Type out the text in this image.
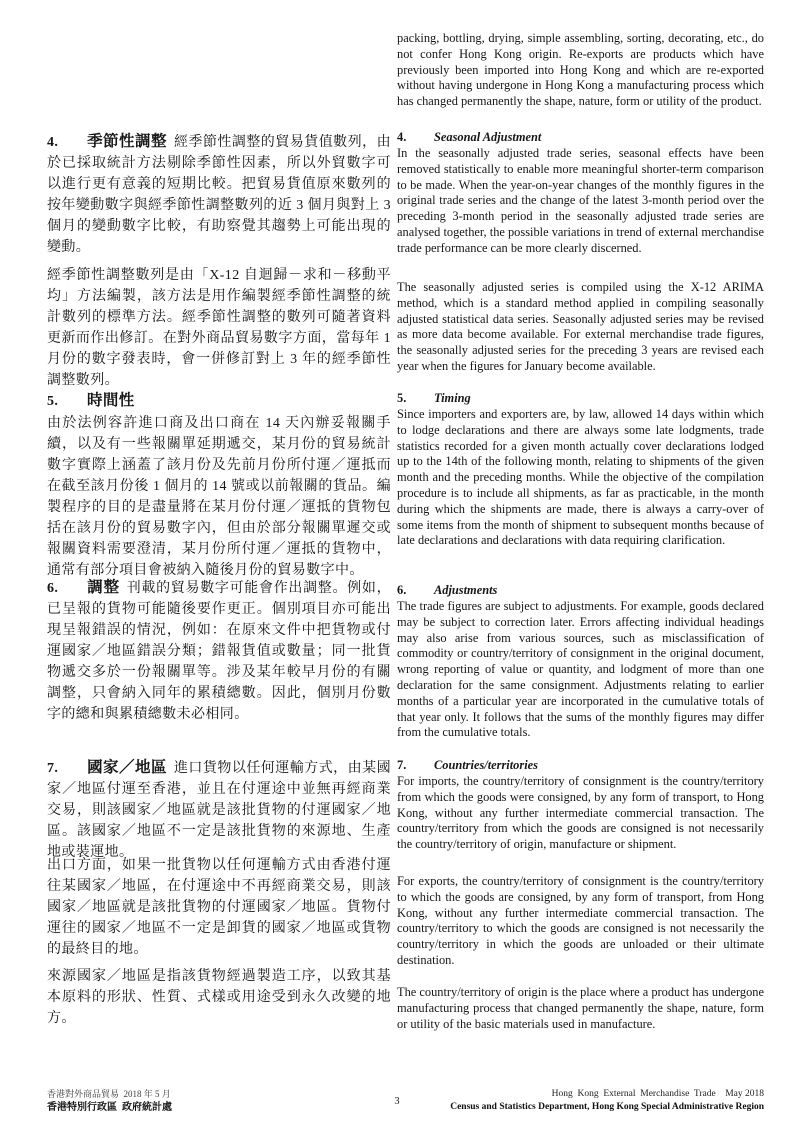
4. 季節性調整 經季節性調整的貿易貨值數列，由於已採取統計方法剔除季節性因素，所以外貿數字可以進行更有意義的短期比較。把貿易貨值原來數列的按年變動數字與經季節性調整數列的近 3 個月與對上 3 個月的變動數字比較，有助察覺其趨勢上可能出現的變動。

經季節性調整數列是由「X-12 自迴歸－求和－移動平均」方法編製，該方法是用作編製經季節性調整的統計數列的標準方法。經季節性調整的數列可隨著資料更新而作出修訂。在對外商品貿易數字方面，當每年 1 月份的數字發表時，會一併修訂對上 3 年的經季節性調整數列。

5. 時間性

由於法例容許進口商及出口商在 14 天內辦妥報關手續，以及有一些報關單延期遞交，某月份的貿易統計數字實際上涵蓋了該月份及先前月份所付運／運抵而在截至該月份後 1 個月的 14 號或以前報關的貨品。編製程序的目的是盡量將在某月份付運／運抵的貨物包括在該月份的貿易數字內，但由於部分報關單遲交或報關資料需要澄清，某月份所付運／運抵的貨物中，通常有部分項目會被納入隨後月份的貿易數字中。

6. 調整 刊載的貿易數字可能會作出調整。例如，已呈報的貨物可能隨後要作更正。個別項目亦可能出現呈報錯誤的情況，例如：在原來文件中把貨物或付運國家／地區錯誤分類；錯報貨值或數量；同一批貨物遞交多於一份報關單等。涉及某年較早月份的有關調整，只會納入同年的累積總數。因此，個別月份數字的總和與累積總數未必相同。

7. 國家／地區 進口貨物以任何運輸方式，由某國家／地區付運至香港，並且在付運途中並無再經商業交易，則該國家／地區就是該批貨物的付運國家／地區。該國家／地區不一定是該批貨物的來源地、生產地或裝運地。

出口方面，如果一批貨物以任何運輸方式由香港付運往某國家／地區，在付運途中不再經商業交易，則該國家／地區就是該批貨物的付運國家／地區。貨物付運往的國家／地區不一定是卸貨的國家／地區或貨物的最終目的地。

來源國家／地區是指該貨物經過製造工序，以致其基本原料的形狀、性質、式樣或用途受到永久改變的地方。

packing, bottling, drying, simple assembling, sorting, decorating, etc., do not confer Hong Kong origin. Re-exports are products which have previously been imported into Hong Kong and which are re-exported without having undergone in Hong Kong a manufacturing process which has changed permanently the shape, nature, form or utility of the product.

4. Seasonal Adjustment

In the seasonally adjusted trade series, seasonal effects have been removed statistically to enable more meaningful shorter-term comparison to be made. When the year-on-year changes of the monthly figures in the original trade series and the change of the latest 3-month period over the preceding 3-month period in the seasonally adjusted trade series are analysed together, the possible variations in trend of external merchandise trade performance can be more clearly discerned.

The seasonally adjusted series is compiled using the X-12 ARIMA method, which is a standard method applied in compiling seasonally adjusted statistical data series. Seasonally adjusted series may be revised as more data become available. For external merchandise trade figures, the seasonally adjusted series for the preceding 3 years are revised each year when the figures for January become available.

5. Timing

Since importers and exporters are, by law, allowed 14 days within which to lodge declarations and there are always some late lodgments, trade statistics recorded for a given month actually cover declarations lodged up to the 14th of the following month, relating to shipments of the given month and the preceding months. While the objective of the compilation procedure is to include all shipments, as far as practicable, in the month during which the shipments are made, there is always a carry-over of some items from the month of shipment to subsequent months because of late declarations and declarations with data requiring clarification.

6. Adjustments

The trade figures are subject to adjustments. For example, goods declared may be subject to correction later. Errors affecting individual headings may also arise from various sources, such as misclassification of commodity or country/territory of consignment in the original document, wrong reporting of value or quantity, and lodgment of more than one declaration for the same consignment. Adjustments relating to earlier months of a particular year are incorporated in the cumulative totals of that year only. It follows that the sums of the monthly figures may differ from the cumulative totals.

7. Countries/territories

For imports, the country/territory of consignment is the country/territory from which the goods were consigned, by any form of transport, to Hong Kong, without any further intermediate commercial transaction. The country/territory from which the goods are consigned is not necessarily the country/territory of origin, manufacture or shipment.

For exports, the country/territory of consignment is the country/territory to which the goods are consigned, by any form of transport, from Hong Kong, without any further intermediate commercial transaction. The country/territory to which the goods are consigned is not necessarily the country/territory in which the goods are unloaded or their ultimate destination.

The country/territory of origin is the place where a product has undergone manufacturing process that changed permanently the shape, nature, form or utility of the basic materials used in manufacture.

香港對外商品貿易  2018 年 5 月
香港特別行政區  政府統計處
3
Hong  Kong  External  Merchandise  Trade    May 2018
Census and Statistics Department, Hong Kong Special Administrative Region
